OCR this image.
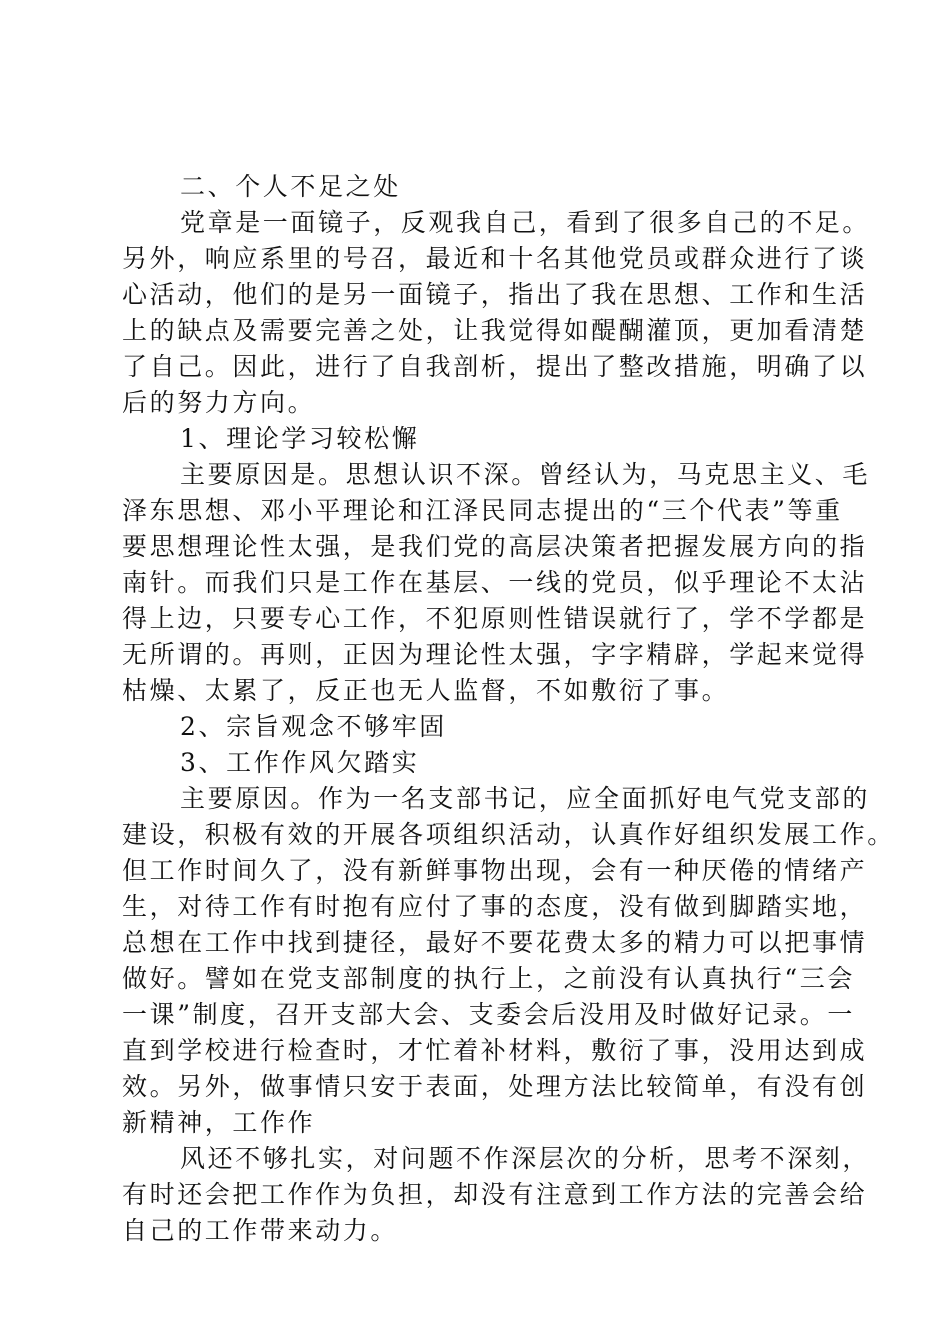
二、个人不足之处
党章是一面镜子，反观我自己，看到了很多自己的不足。
另外，响应系里的号召，最近和十名其他党员或群众进行了谈
心活动，他们的是另一面镜子，指出了我在思想、工作和生活
上的缺点及需要完善之处，让我觉得如醍醐灌顶，更加看清楚
了自己。因此，进行了自我剖析，提出了整改措施，明确了以
后的努力方向。
1、理论学习较松懈
主要原因是。思想认识不深。曾经认为，马克思主义、毛
泽东思想、邓小平理论和江泽民同志提出的“三个代表”等重
要思想理论性太强，是我们党的高层决策者把握发展方向的指
南针。而我们只是工作在基层、一线的党员，似乎理论不太沾
得上边，只要专心工作，不犯原则性错误就行了，学不学都是
无所谓的。再则，正因为理论性太强，字字精辟，学起来觉得
枯燥、太累了，反正也无人监督，不如敷衍了事。
2、宗旨观念不够牢固
3、工作作风欠踏实
主要原因。作为一名支部书记，应全面抓好电气党支部的
建设，积极有效的开展各项组织活动，认真作好组织发展工作。
但工作时间久了，没有新鲜事物出现，会有一种厌倦的情绪产
生，对待工作有时抱有应付了事的态度，没有做到脚踏实地，
总想在工作中找到捷径，最好不要花费太多的精力可以把事情
做好。譬如在党支部制度的执行上，之前没有认真执行“三会
一课”制度，召开支部大会、支委会后没用及时做好记录。一
直到学校进行检查时，才忙着补材料，敷衍了事，没用达到成
效。另外，做事情只安于表面，处理方法比较简单，有没有创
新精神，工作作
风还不够扎实，对问题不作深层次的分析，思考不深刻，
有时还会把工作作为负担，却没有注意到工作方法的完善会给
自己的工作带来动力。
